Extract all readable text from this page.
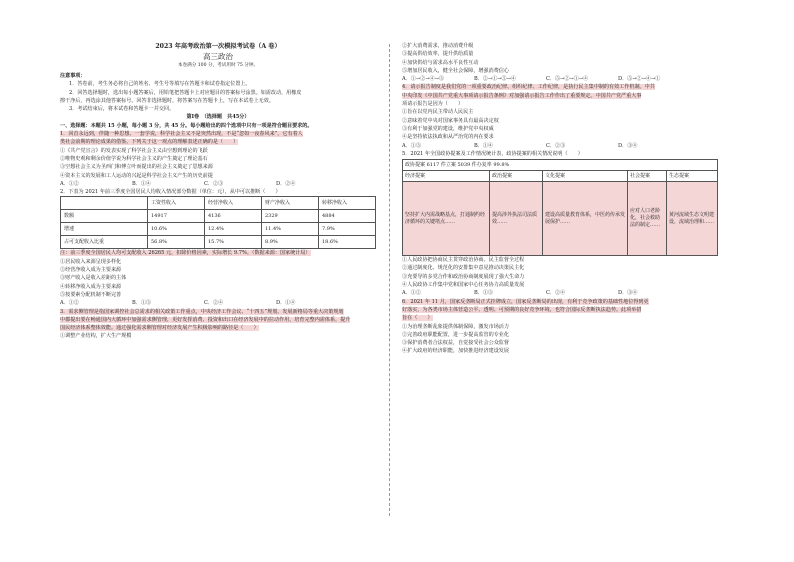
2023 年高考政治第一次模拟考试卷（A 卷）

高三政治

本卷满分 100 分，考试用时 75 分钟。

注意事项：

1．答卷前，考生务必将自己的姓名、考生号等填写在答题卡和试卷指定位置上。

2．回答选择题时，选出每小题答案后，用铅笔把答题卡上对应题目的答案标号涂黑。如需改动，用橡皮

擦干净后，再选涂其他答案标号。回答非选择题时，将答案写在答题卡上，写在本试卷上无效。

3．考试结束后，将本试卷和答题卡一并交回。

第Ⅰ卷　（选择题　共45分）

一、选择题：本题共 15 小题，每小题 3 分，共 45 分。每小题给出的四个选项中只有一项是符合题目要求的。

1．回首永远到，伴随一种思想、一套学说，科学社会主义不是突然出现，不是“忽如一夜春风来”，它有着人

类社会前期的理论成果的借鉴。下列关于这一观点的理解表述正确的是（　　）

①《共产党宣言》的发表实现了科学社会主义由空想到理论的飞跃

②唯物史观和剩余价值学说为科学社会主义的产生奠定了理论基石

③空想社会主义为圣西门和傅立叶而提出的社会主义奠定了思想来源

④资本主义的发展和工人运动的兴起是科学社会主义产生的历史前提

A．①②	B．①④	C．②③	D．②④

2．下表为 2021 年前三季度全国居民人均收入情况部分数据（单位：元），从中可以推断（　　）

	工资性收入	经营净收入	财产净收入	转移净收入
数额	14917	4136	2329	4884
增速	10.6%	12.4%	11.4%	7.9%
占可支配收入比重	56.8%	15.7%	8.9%	18.6%

注：前三季度全国居民人均可支配收入 26265 元，扣除价格因素，实际增长 9.7%。（数据来源：国家统计局）

①居民收入来源呈现多样化

②经营净收入成为主要来源

③财产收入是收入差距的主体

④转移净收入成为主要来源

⑤按要素分配机制不断完善

A．①②	B．①③	C．②④	D．①④

3．需求侧管理是指国家调控社会总需求的相关政策工作重点，中央经济工作会议、“十四五”规划、发展新格局等重大决策规划

中都提出要在畅通国内大循环中加强需求侧管理，更好发挥消费、投资和出口在经济发展中的拉动作用，培育完整内需体系，提升

国民经济体系整体效能。通过强化需求侧管理对经济发展产生积极影响的路径是（　　）

①调整产业结构，扩大生产规模

②扩大消费需求，推动消费升级

③提高供给效率，提升供给质量

④加快供给与需求高水平良性互动

⑤增加居民收入，健全社会保障，增强消费信心

A．①→②→④→③	B．②→①→⑤→④	C．⑤→②→①→④	D．⑤→②→④→①

4．请示报告制度是我们党的一项重要政治纪律、组织纪律、工作纪律，是执行民主集中制的有效工作机制。中共

中央印发《中国共产党重大事项请示报告条例》对加强请示报告工作作出了重要规定。中国共产党严重大事

项请示报告是因为（　　）

①旨在以党内民主带动人民民主

②意味着党中央对国家事务具有最高决定权

③有利于加强党的建设，维护党中央权威

④是坚持依法执政和从严治党的内在要求

A．①③	B．①④	C．②③	D．③④

5．2021 年全国政协提案及工作情况统计表，政协提案的相关情况说明（　　）

政协提案 6117 件立案 5039 件办复率 99.8%				
经济提案	政治提案	文化提案	社会提案	生态提案
坚持扩大内需战略基点，打通制约经济循环的关键堵点……	提高涉外执法司法质效……	建设高质量教育体系，中医药传承发展保护……	应对人口老龄化，社会救助法的制定……	黄河流域生态文明建设，流域治理和……

①人民政协把协商民主贯穿政治协商、民主监督全过程

②通过制度化、规范化的安排集中意见推动决策民主化

③充要导的多党合作和政治协商制度展现了强大生命力

④人民政协工作集中党和国家中心任务协力高质量发展

A．①②	B．①③	C．②④	D．③④

6．2021 年 11 月，国家反垄断局正式挂牌成立，国家反垄断局的出现，有利于竞争政策的基础性地位得到更

好落实，为各类市场主体营造公平、透明、可预期的良好竞争环境，也符合国际反垄断执法趋势。此项举措

旨在（　　）

①为治理垄断乱象提供体制保障，激发市场活力

②完善政府职能配置，进一步提高监管的专业化

③保护消费者合法权益，自觉接受社会公众监督

④扩大政府的经济职能，加快推进经济建设发展
